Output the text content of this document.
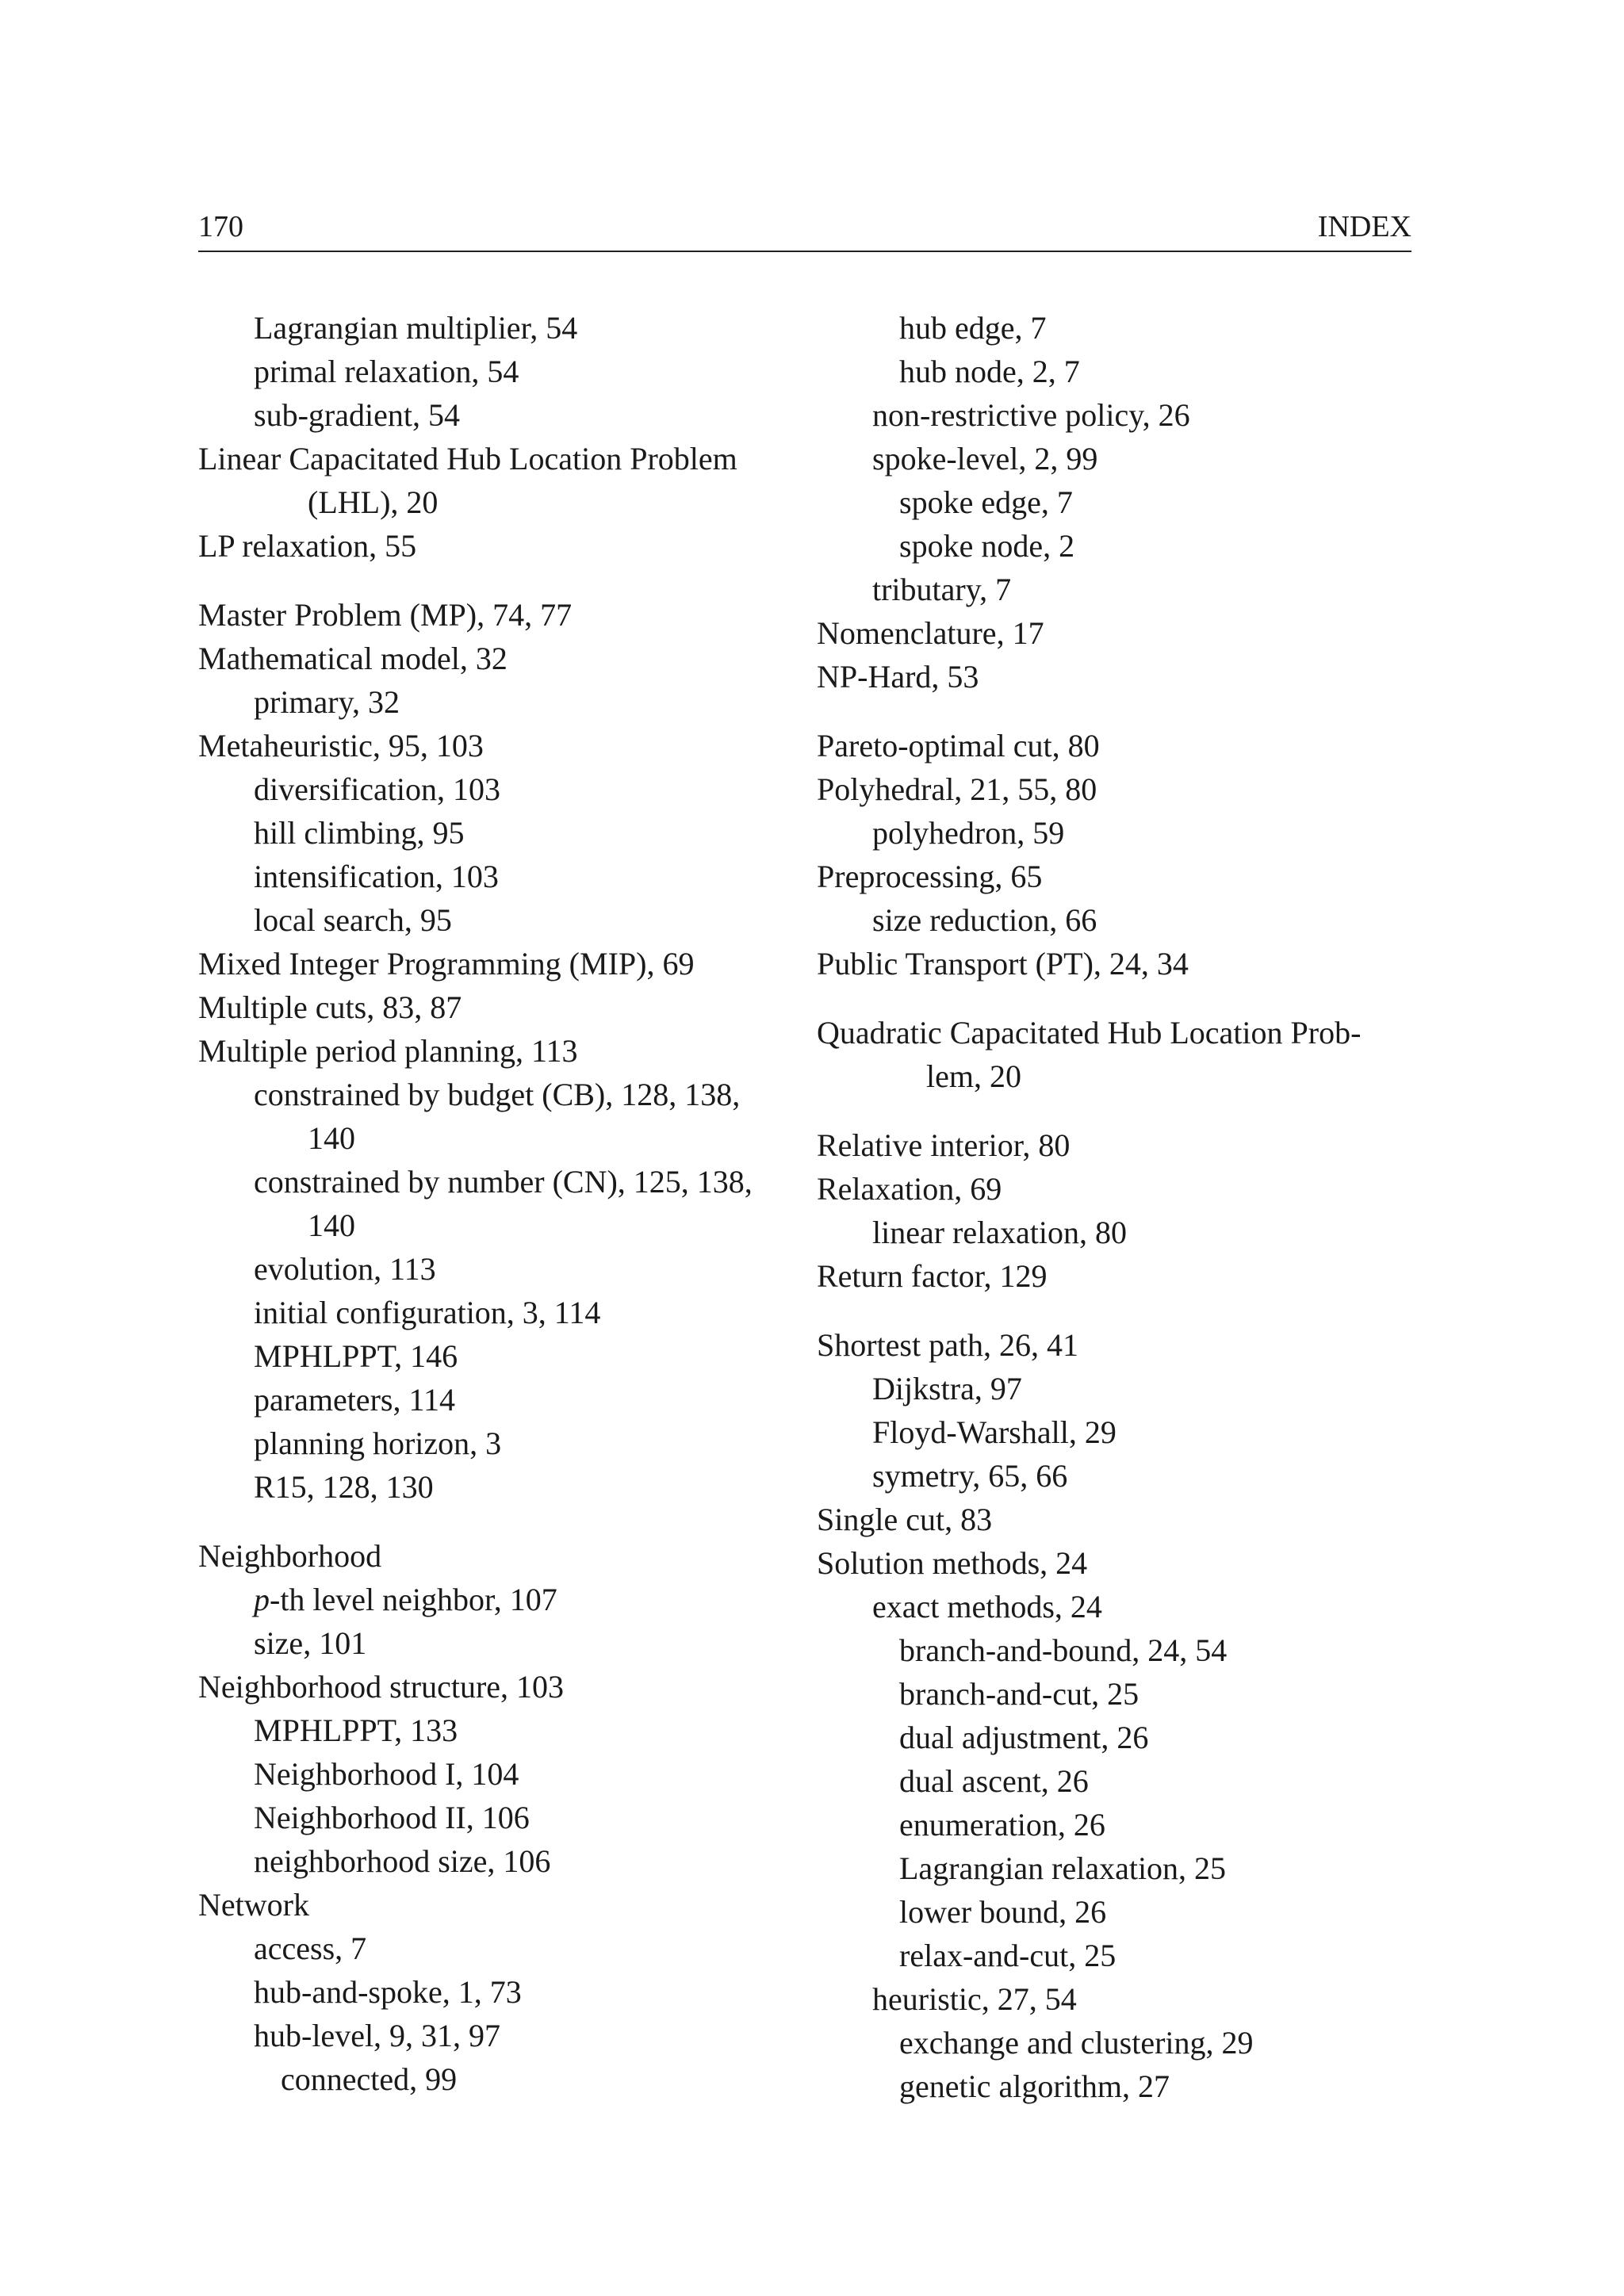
170	INDEX
Lagrangian multiplier, 54
primal relaxation, 54
sub-gradient, 54
Linear Capacitated Hub Location Problem
(LHL), 20
LP relaxation, 55
Master Problem (MP), 74, 77
Mathematical model, 32
primary, 32
Metaheuristic, 95, 103
diversification, 103
hill climbing, 95
intensification, 103
local search, 95
Mixed Integer Programming (MIP), 69
Multiple cuts, 83, 87
Multiple period planning, 113
constrained by budget (CB), 128, 138,
140
constrained by number (CN), 125, 138,
140
evolution, 113
initial configuration, 3, 114
MPHLPPT, 146
parameters, 114
planning horizon, 3
R15, 128, 130
Neighborhood
p-th level neighbor, 107
size, 101
Neighborhood structure, 103
MPHLPPT, 133
Neighborhood I, 104
Neighborhood II, 106
neighborhood size, 106
Network
access, 7
hub-and-spoke, 1, 73
hub-level, 9, 31, 97
connected, 99
hub edge, 7
hub node, 2, 7
non-restrictive policy, 26
spoke-level, 2, 99
spoke edge, 7
spoke node, 2
tributary, 7
Nomenclature, 17
NP-Hard, 53
Pareto-optimal cut, 80
Polyhedral, 21, 55, 80
polyhedron, 59
Preprocessing, 65
size reduction, 66
Public Transport (PT), 24, 34
Quadratic Capacitated Hub Location Prob-
lem, 20
Relative interior, 80
Relaxation, 69
linear relaxation, 80
Return factor, 129
Shortest path, 26, 41
Dijkstra, 97
Floyd-Warshall, 29
symetry, 65, 66
Single cut, 83
Solution methods, 24
exact methods, 24
branch-and-bound, 24, 54
branch-and-cut, 25
dual adjustment, 26
dual ascent, 26
enumeration, 26
Lagrangian relaxation, 25
lower bound, 26
relax-and-cut, 25
heuristic, 27, 54
exchange and clustering, 29
genetic algorithm, 27
